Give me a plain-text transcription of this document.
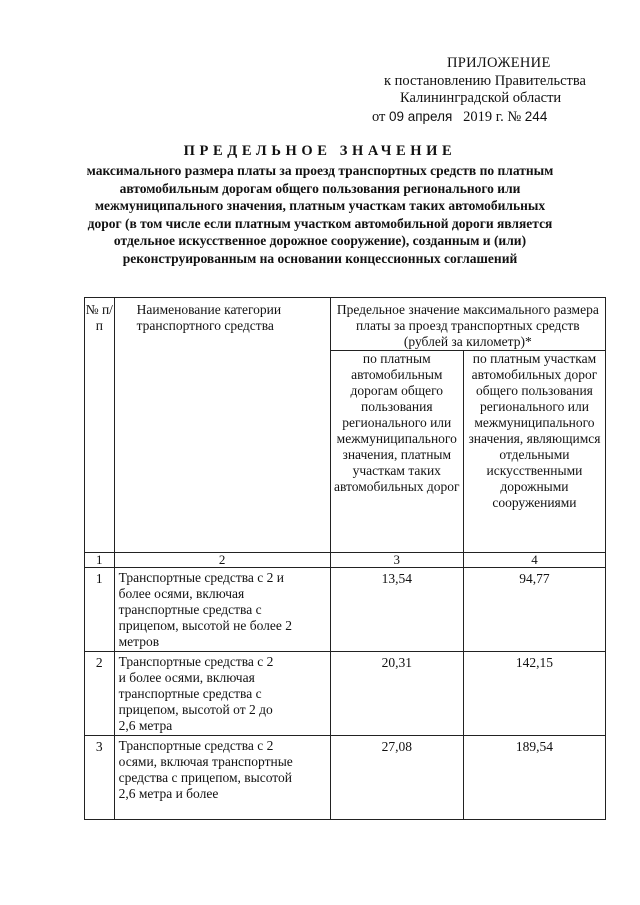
ПРИЛОЖЕНИЕ
к постановлению Правительства
Калининградской области
от 09 апреля 2019 г. № 244
ПРЕДЕЛЬНОЕ ЗНАЧЕНИЕ
максимального размера платы за проезд транспортных средств по платным автомобильным дорогам общего пользования регионального или межмуниципального значения, платным участкам таких автомобильных дорог (в том числе если платным участком автомобильной дороги является отдельное искусственное дорожное сооружение), созданным и (или) реконструированным на основании концессионных соглашений
№ п/п	Наименование категории транспортного средства	Предельное значение максимального размера платы за проезд транспортных средств (рублей за километр)*	
		по платным автомобильным дорогам общего пользования регионального или межмуниципального значения, платным участкам таких автомобильных дорог	по платным участкам автомобильных дорог общего пользования регионального или межмуниципального значения, являющимся отдельными искусственными дорожными сооружениями
1	2	3	4
1	Транспортные средства с 2 и более осями, включая транспортные средства с прицепом, высотой не более 2 метров	13,54	94,77
2	Транспортные средства с 2 и более осями, включая транспортные средства с прицепом, высотой от 2 до 2,6 метра	20,31	142,15
3	Транспортные средства с 2 осями, включая транспортные средства с прицепом, высотой 2,6 метра и более	27,08	189,54
